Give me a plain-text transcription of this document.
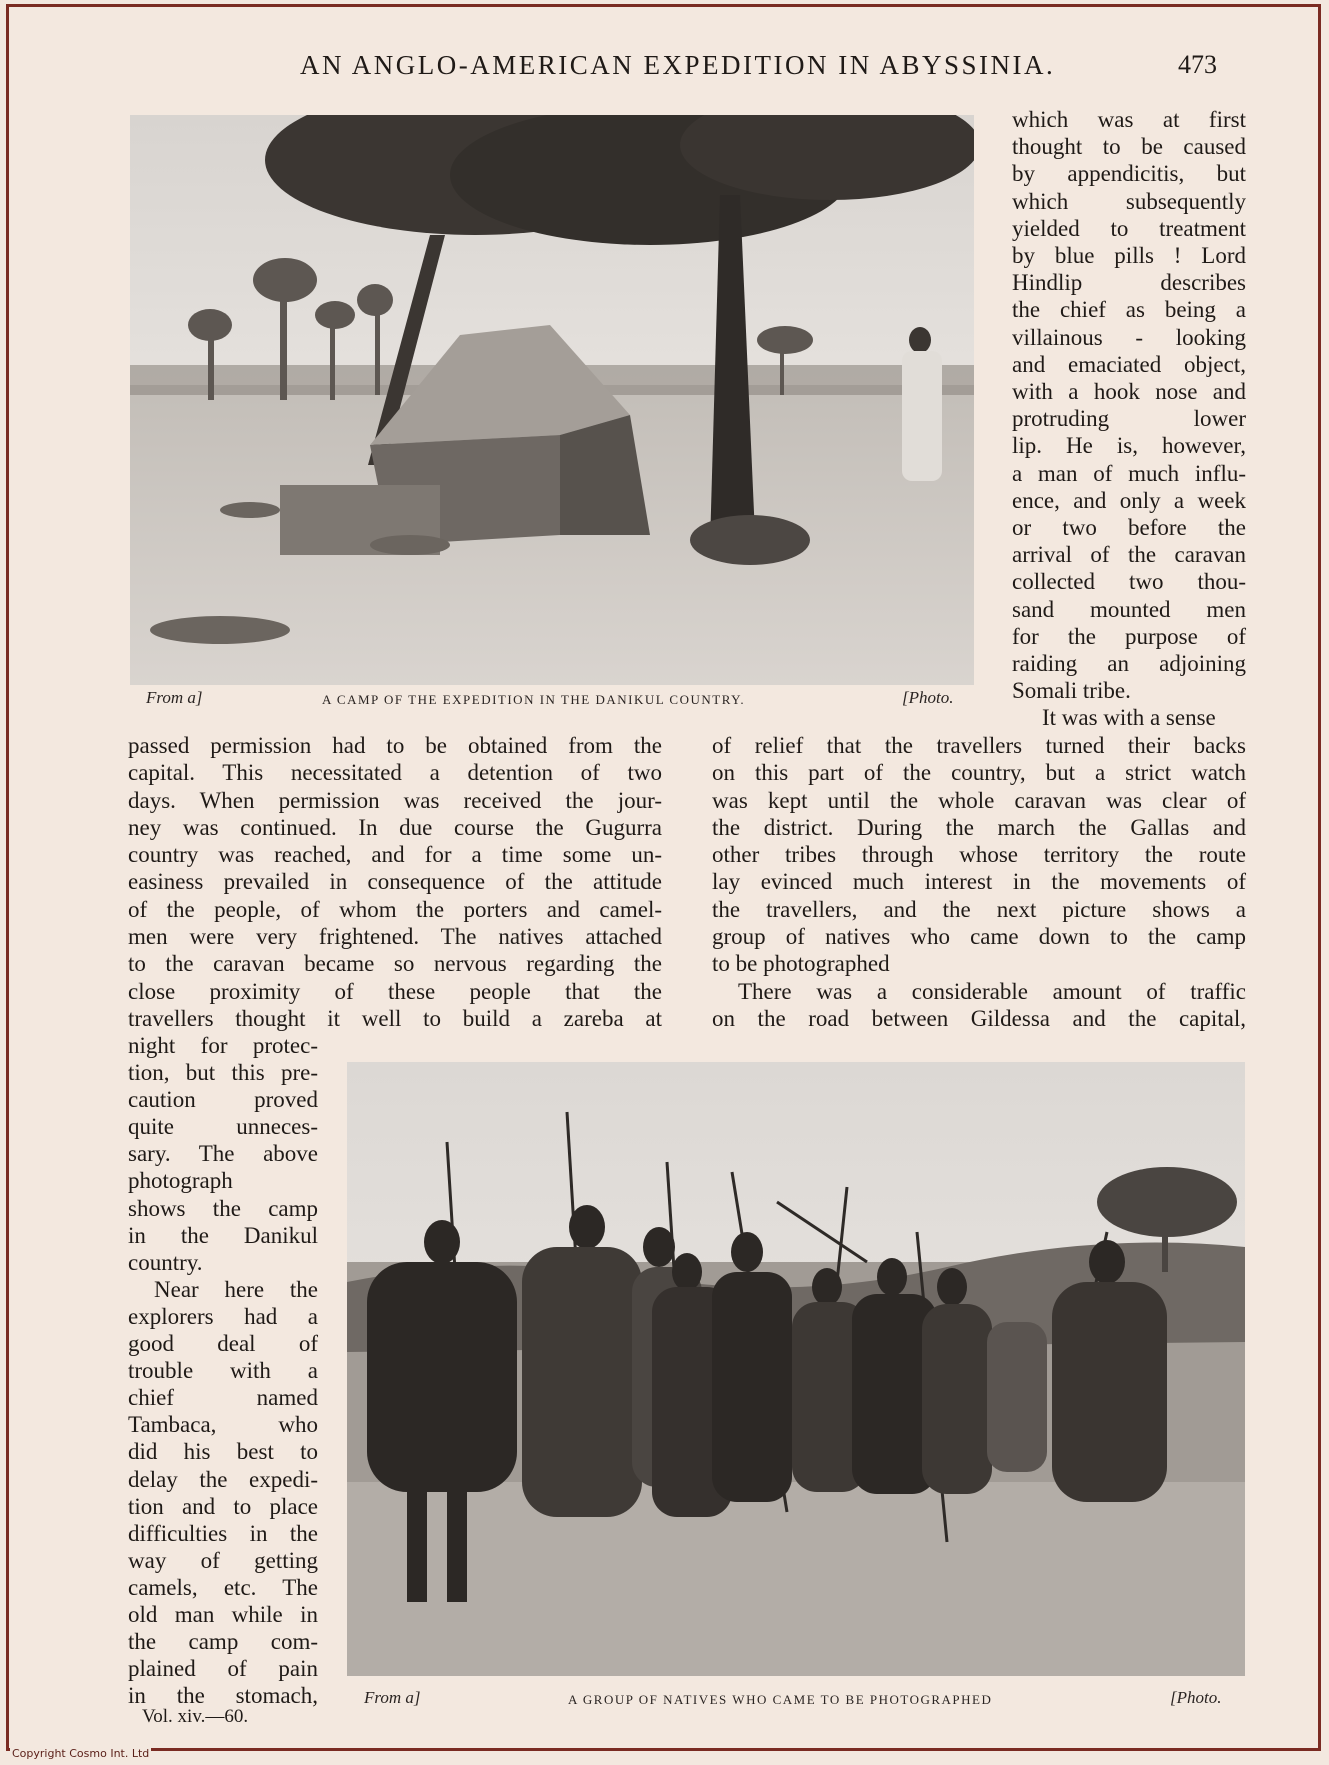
AN ANGLO-AMERICAN EXPEDITION IN ABYSSINIA.	473
From a]	A CAMP OF THE EXPEDITION IN THE DANIKUL COUNTRY.	[Photo.
which was at first
thought to be caused
by appendicitis, but
which subsequently
yielded to treatment
by blue pills ! Lord
Hindlip describes
the chief as being a
villainous - looking
and emaciated object,
with a hook nose and
protruding lower
lip. He is, however,
a man of much influ-
ence, and only a week
or two before the
arrival of the caravan
collected two thou-
sand mounted men
for the purpose of
raiding an adjoining
Somali tribe.
It was with a sense
passed permission had to be obtained from the
capital. This necessitated a detention of two
days. When permission was received the jour-
ney was continued. In due course the Gugurra
country was reached, and for a time some un-
easiness prevailed in consequence of the attitude
of the people, of whom the porters and camel-
men were very frightened. The natives attached
to the caravan became so nervous regarding the
close proximity of these people that the
travellers thought it well to build a zareba at
of relief that the travellers turned their backs
on this part of the country, but a strict watch
was kept until the whole caravan was clear of
the district. During the march the Gallas and
other tribes through whose territory the route
lay evinced much interest in the movements of
the travellers, and the next picture shows a
group of natives who came down to the camp
to be photographed
There was a considerable amount of traffic
on the road between Gildessa and the capital,
night for protec-
tion, but this pre-
caution proved
quite unneces-
sary. The above
photograph
shows the camp
in the Danikul
country.
Near here the
explorers had a
good deal of
trouble with a
chief named
Tambaca, who
did his best to
delay the expedi-
tion and to place
difficulties in the
way of getting
camels, etc. The
old man while in
the camp com-
plained of pain
in the stomach,	From a]	A GROUP OF NATIVES WHO CAME TO BE PHOTOGRAPHED	[Photo.
Vol. xiv.—60.
Copyright Cosmo Int. Ltd
